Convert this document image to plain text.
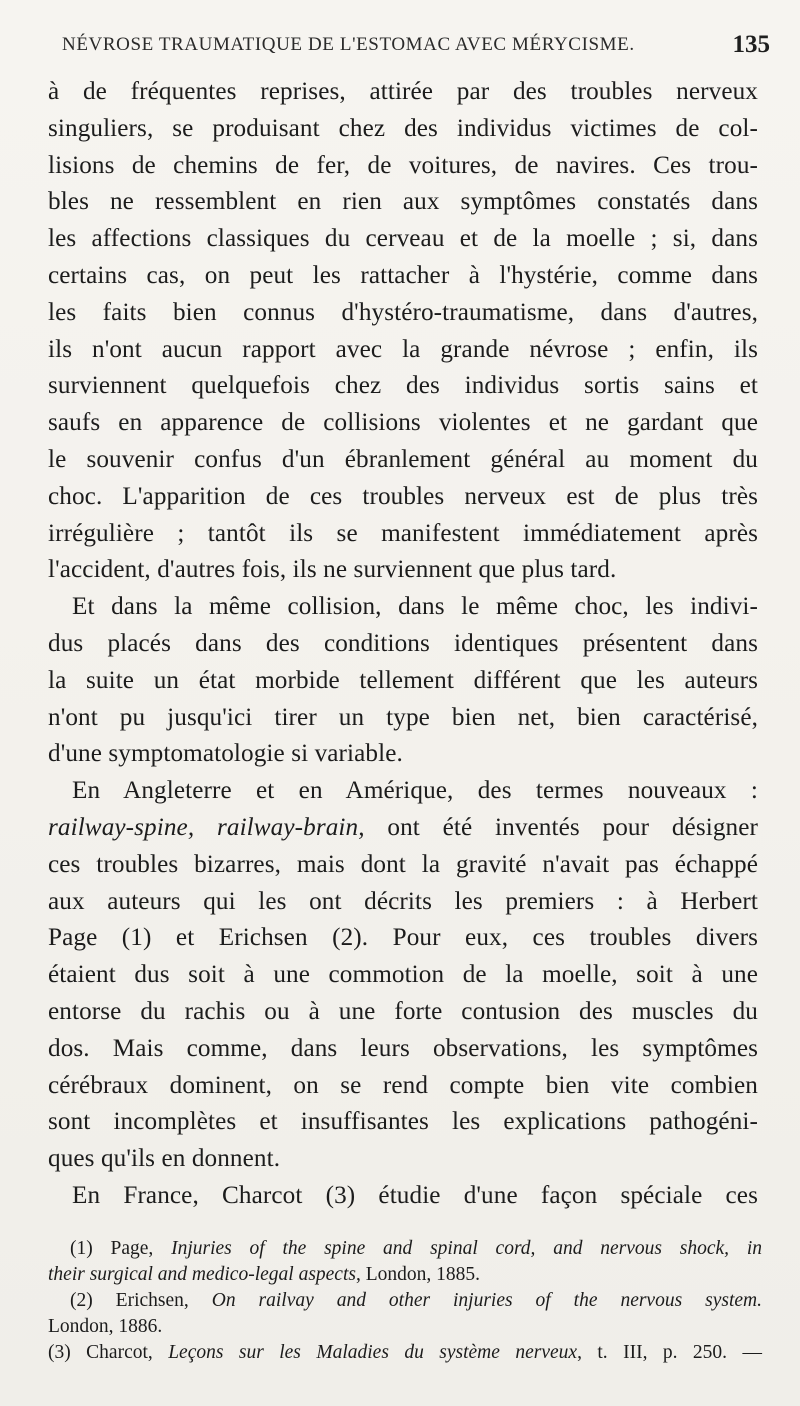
NÉVROSE TRAUMATIQUE DE L'ESTOMAC AVEC MÉRYCISME.	135
à de fréquentes reprises, attirée par des troubles nerveux
singuliers, se produisant chez des individus victimes de col-
lisions de chemins de fer, de voitures, de navires. Ces trou-
bles ne ressemblent en rien aux symptômes constatés dans
les affections classiques du cerveau et de la moelle ; si, dans
certains cas, on peut les rattacher à l'hystérie, comme dans
les faits bien connus d'hystéro-traumatisme, dans d'autres,
ils n'ont aucun rapport avec la grande névrose ; enfin, ils
surviennent quelquefois chez des individus sortis sains et
saufs en apparence de collisions violentes et ne gardant que
le souvenir confus d'un ébranlement général au moment du
choc. L'apparition de ces troubles nerveux est de plus très
irrégulière ; tantôt ils se manifestent immédiatement après
l'accident, d'autres fois, ils ne surviennent que plus tard.
Et dans la même collision, dans le même choc, les indivi-
dus placés dans des conditions identiques présentent dans
la suite un état morbide tellement différent que les auteurs
n'ont pu jusqu'ici tirer un type bien net, bien caractérisé,
d'une symptomatologie si variable.
En Angleterre et en Amérique, des termes nouveaux :
railway-spine, railway-brain, ont été inventés pour désigner
ces troubles bizarres, mais dont la gravité n'avait pas échappé
aux auteurs qui les ont décrits les premiers : à Herbert
Page (1) et Erichsen (2). Pour eux, ces troubles divers
étaient dus soit à une commotion de la moelle, soit à une
entorse du rachis ou à une forte contusion des muscles du
dos. Mais comme, dans leurs observations, les symptômes
cérébraux dominent, on se rend compte bien vite combien
sont incomplètes et insuffisantes les explications pathogéni-
ques qu'ils en donnent.
En France, Charcot (3) étudie d'une façon spéciale ces
(1) Page, Injuries of the spine and spinal cord, and nervous shock, in
their surgical and medico-legal aspects, London, 1885.
(2) Erichsen, On railvay and other injuries of the nervous system.
London, 1886.
(3) Charcot, Leçons sur les Maladies du système nerveux, t. III, p. 250. —
